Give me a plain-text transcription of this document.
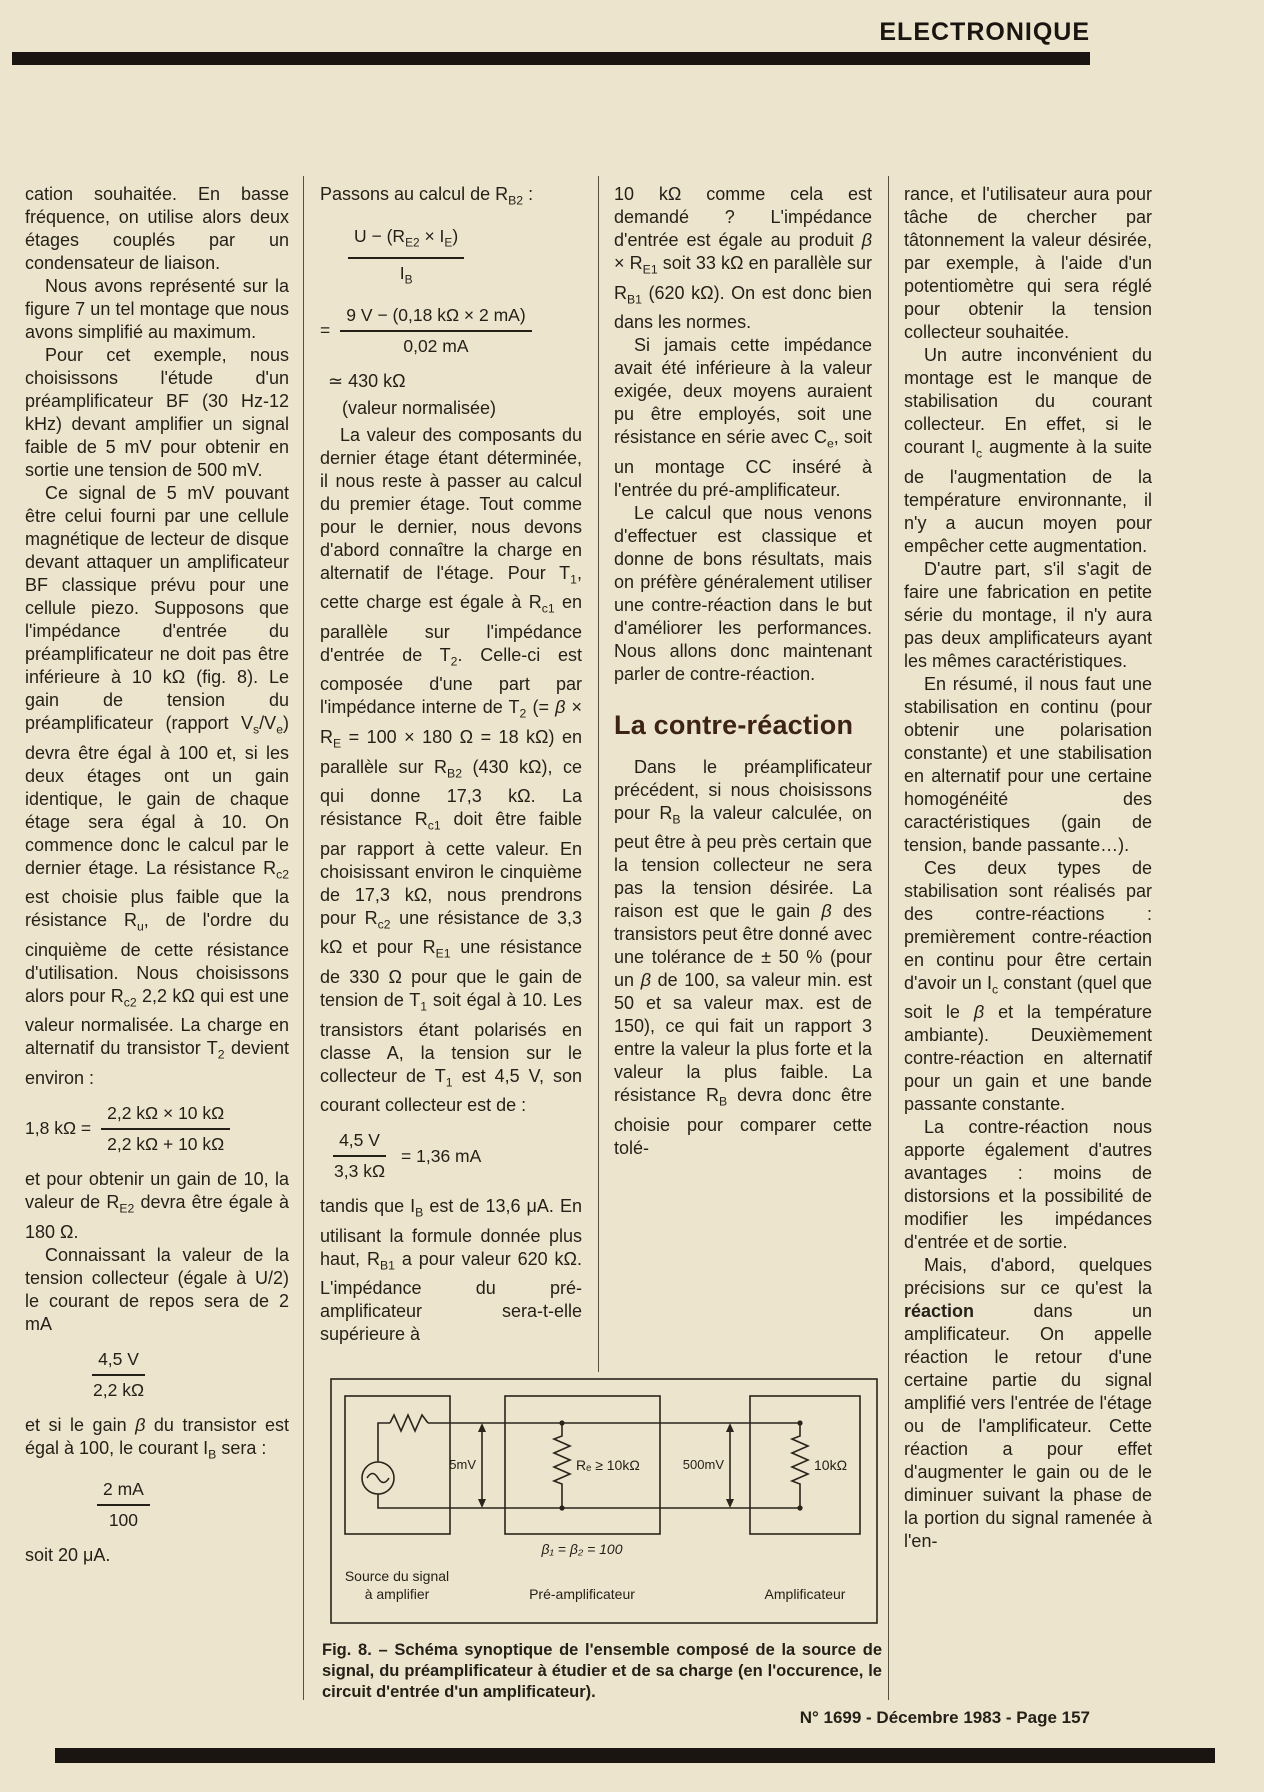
ELECTRONIQUE

cation souhaitée. En basse fréquence, on utilise alors deux étages couplés par un condensateur de liaison.

Nous avons représenté sur la figure 7 un tel montage que nous avons simplifié au maximum.

Pour cet exemple, nous choisissons l'étude d'un préamplificateur BF (30 Hz-12 kHz) devant amplifier un signal faible de 5 mV pour obtenir en sortie une tension de 500 mV.

Ce signal de 5 mV pouvant être celui fourni par une cellule magnétique de lecteur de disque devant attaquer un amplificateur BF classique prévu pour une cellule piezo. Supposons que l'impédance d'entrée du préamplificateur ne doit pas être inférieure à 10 kΩ (fig. 8). Le gain de tension du préamplificateur (rapport $V_s/V_e$) devra être égal à 100 et, si les deux étages ont un gain identique, le gain de chaque étage sera égal à 10. On commence donc le calcul par le dernier étage. La résistance $R_{c2}$ est choisie plus faible que la résistance $R_u$, de l'ordre du cinquième de cette résistance d'utilisation. Nous choisissons alors pour $R_{c2}$ 2,2 kΩ qui est une valeur normalisée. La charge en alternatif du transistor $T_2$ devient environ :

1,8 $k\Omega = \frac{2,2 k\Omega \times 10 k\Omega}{2,2 k\Omega + 10 k\Omega}$

et pour obtenir un gain de 10, la valeur de $R_{E2}$ devra être égale à 180 Ω.

Connaissant la valeur de la tension collecteur (égale à U/2) le courant de repos sera de 2 mA

$\frac{4,5 V}{2,2 k\Omega}$

et si le gain β du transistor est égal à 100, le courant $I_B$ sera :

$\frac{2 mA}{100}$

soit 20 μA.

Passons au calcul de $R_{B2}$ :

$\frac{U - (R_{E2} \times I_E)}{I_B}$
= $\frac{9 V - (0,18 k\Omega \times 2 mA)}{0,02 mA}$
≃ 430 kΩ
(valeur normalisée)

La valeur des composants du dernier étage étant déterminée, il nous reste à passer au calcul du premier étage. Tout comme pour le dernier, nous devons d'abord connaître la charge en alternatif de l'étage. Pour $T_1$, cette charge est égale à $R_{c1}$ en parallèle sur l'impédance d'entrée de $T_2$. Celle-ci est composée d'une part par l'impédance interne de $T_2$ (= $\beta \times R_E = 100 \times 180$ Ω = 18 kΩ) en parallèle sur $R_{B2}$ (430 kΩ), ce qui donne 17,3 kΩ. La résistance $R_{c1}$ doit être faible par rapport à cette valeur. En choisissant environ le cinquième de 17,3 kΩ, nous prendrons pour $R_{c2}$ une résistance de 3,3 kΩ et pour $R_{E1}$ une résistance de 330 Ω pour que le gain de tension de $T_1$ soit égal à 10. Les transistors étant polarisés en classe A, la tension sur le collecteur de $T_1$ est 4,5 V, son courant collecteur est de :

$\frac{4,5 V}{3,3 k\Omega} = 1,36$ mA

tandis que $I_B$ est de 13,6 μA. En utilisant la formule donnée plus haut, $R_{B1}$ a pour valeur 620 kΩ. L'impédance du pré-amplificateur sera-t-elle supérieure à

10 kΩ comme cela est demandé ? L'impédance d'entrée est égale au produit $\beta \times R_{E1}$ soit 33 kΩ en parallèle sur $R_{B1}$ (620 kΩ). On est donc bien dans les normes.

Si jamais cette impédance avait été inférieure à la valeur exigée, deux moyens auraient pu être employés, soit une résistance en série avec $C_e$, soit un montage CC inséré à l'entrée du pré-amplificateur.

Le calcul que nous venons d'effectuer est classique et donne de bons résultats, mais on préfère généralement utiliser une contre-réaction dans le but d'améliorer les performances. Nous allons donc maintenant parler de contre-réaction.

La contre-réaction

Dans le préamplificateur précédent, si nous choisissons pour $R_B$ la valeur calculée, on peut être à peu près certain que la tension collecteur ne sera pas la tension désirée. La raison est que le gain β des transistors peut être donné avec une tolérance de ± 50 % (pour un β de 100, sa valeur min. est 50 et sa valeur max. est de 150), ce qui fait un rapport 3 entre la valeur la plus forte et la valeur la plus faible. La résistance $R_B$ devra donc être choisie pour comparer cette tolé-

rance, et l'utilisateur aura pour tâche de chercher par tâtonnement la valeur désirée, par exemple, à l'aide d'un potentiomètre qui sera réglé pour obtenir la tension collecteur souhaitée.

Un autre inconvénient du montage est le manque de stabilisation du courant collecteur. En effet, si le courant $I_c$ augmente à la suite de l'augmentation de la température environnante, il n'y a aucun moyen pour empêcher cette augmentation.

D'autre part, s'il s'agit de faire une fabrication en petite série du montage, il n'y aura pas deux amplificateurs ayant les mêmes caractéristiques.

En résumé, il nous faut une stabilisation en continu (pour obtenir une polarisation constante) et une stabilisation en alternatif pour une certaine homogénéité des caractéristiques (gain de tension, bande passante…).

Ces deux types de stabilisation sont réalisés par des contre-réactions : premièrement contre-réaction en continu pour être certain d'avoir un $I_c$ constant (quel que soit le β et la température ambiante). Deuxièmement contre-réaction en alternatif pour un gain et une bande passante constante.

La contre-réaction nous apporte également d'autres avantages : moins de distorsions et la possibilité de modifier les impédances d'entrée et de sortie.

Mais, d'abord, quelques précisions sur ce qu'est la réaction dans un amplificateur. On appelle réaction le retour d'une certaine partie du signal amplifié vers l'entrée de l'étage ou de l'amplificateur. Cette réaction a pour effet d'augmenter le gain ou de le diminuer suivant la phase de la portion du signal ramenée à l'en-

5mV	500mV
Rₑ ≥ 10kΩ	10kΩ
β₁ = β₂ = 100
Source du signal
à amplifier	Pré-amplificateur	Amplificateur
Fig. 8. – Schéma synoptique de l'ensemble composé de la source de signal, du préamplificateur à étudier et de sa charge (en l'occurence, le circuit d'entrée d'un amplificateur).
N° 1699 - Décembre 1983 - Page 157
